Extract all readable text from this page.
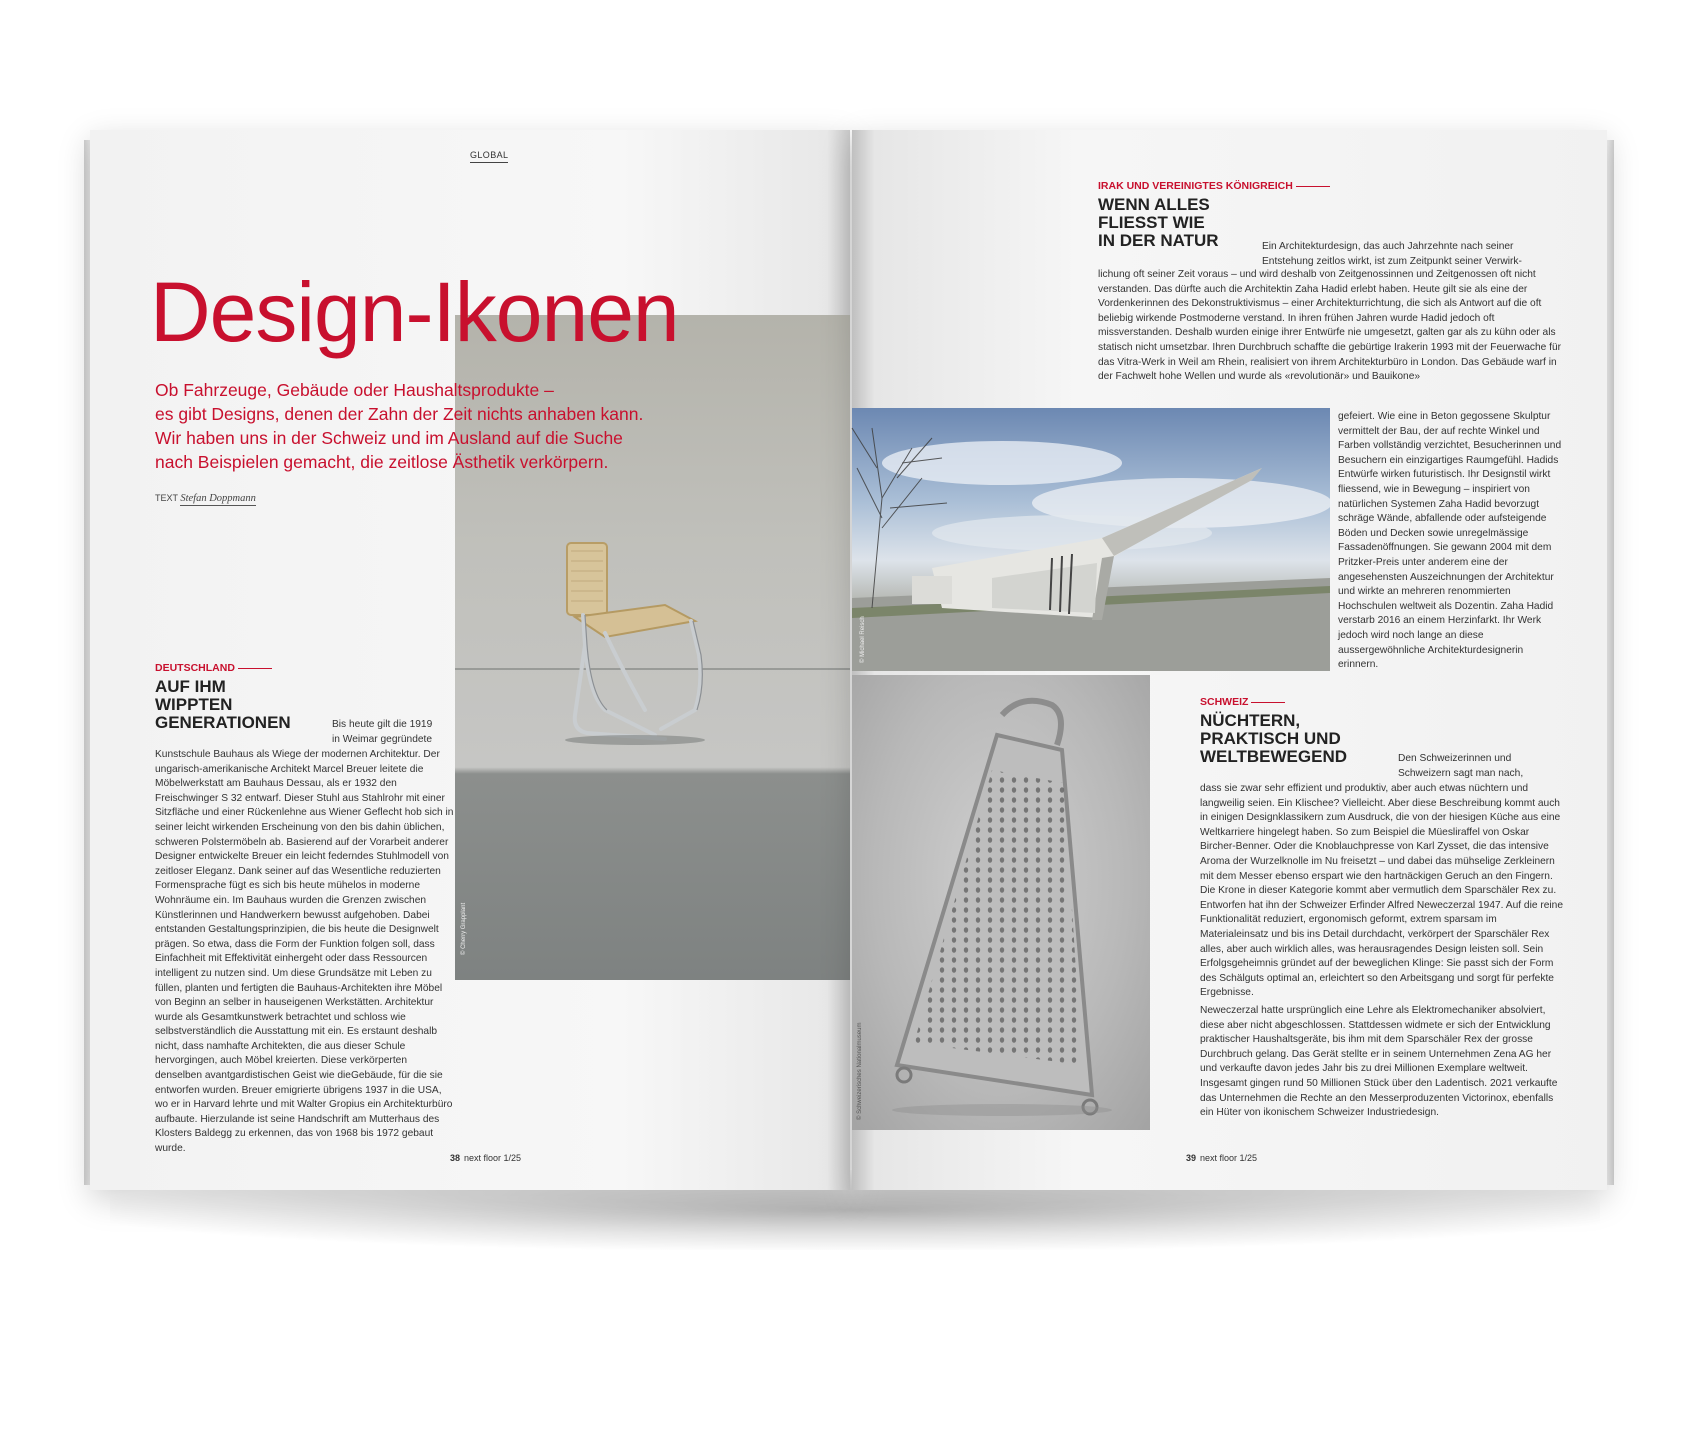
GLOBAL
© Cherry Grapplant
Design-Ikonen
Ob Fahrzeuge, Gebäude oder Haushaltsprodukte –
es gibt Designs, denen der Zahn der Zeit nichts anhaben kann.
Wir haben uns in der Schweiz und im Ausland auf die Suche
nach Beispielen gemacht, die zeitlose Ästhetik verkörpern.
TEXT Stefan Doppmann
DEUTSCHLAND
AUF IHM
WIPPTEN
GENERATIONEN	Bis heute gilt die 1919
in Weimar gegründete
Kunstschule Bauhaus als Wiege der modernen Architektur. Der ungarisch-amerikanische Architekt Marcel Breuer leitete die Möbelwerkstatt am Bauhaus Dessau, als er 1932 den Freischwinger S 32 entwarf. Dieser Stuhl aus Stahlrohr mit einer Sitzfläche und einer Rückenlehne aus Wiener Geflecht hob sich in seiner leicht wirkenden Erscheinung von den bis dahin üblichen, schweren Polstermöbeln ab. Basierend auf der Vorarbeit anderer Designer entwickelte Breuer ein leicht federndes Stuhlmodell von zeitloser Eleganz. Dank seiner auf das Wesentliche reduzierten Formensprache fügt es sich bis heute mühelos in moderne Wohnräume ein. Im Bauhaus wurden die Grenzen zwischen Künstlerinnen und Handwerkern bewusst aufgehoben. Dabei entstanden Gestaltungsprinzipien, die bis heute die Designwelt prägen. So etwa, dass die Form der Funktion folgen soll, dass Einfachheit mit Effektivität einhergeht oder dass Ressourcen intelligent zu nutzen sind. Um diese Grundsätze mit Leben zu füllen, planten und fertigten die Bauhaus-Architekten ihre Möbel von Beginn an selber in hauseigenen Werkstätten. Architektur wurde als Gesamtkunstwerk betrachtet und schloss wie selbstverständlich die Ausstattung mit ein. Es erstaunt deshalb nicht, dass namhafte Architekten, die aus dieser Schule hervorgingen, auch Möbel kreierten. Diese verkörperten denselben avantgardistischen Geist wie dieGebäude, für die sie entworfen wurden. Breuer emigrierte übrigens 1937 in die USA, wo er in Harvard lehrte und mit Walter Gropius ein Architekturbüro aufbaute. Hierzulande ist seine Handschrift am Mutterhaus des Klosters Baldegg zu erkennen, das von 1968 bis 1972 gebaut wurde.
38 next floor 1/25
IRAK UND VEREINIGTES KÖNIGREICH
WENN ALLES
FLIESST WIE
IN DER NATUR	Ein Architekturdesign, das auch Jahrzehnte nach seiner
Entstehung zeitlos wirkt, ist zum Zeitpunkt seiner Verwirk-
lichung oft seiner Zeit voraus – und wird deshalb von Zeitgenossinnen und Zeitgenossen oft nicht verstanden. Das dürfte auch die Architektin Zaha Hadid erlebt haben. Heute gilt sie als eine der Vordenkerinnen des Dekonstruktivismus – einer Architekturrichtung, die sich als Antwort auf die oft beliebig wirkende Postmoderne verstand. In ihren frühen Jahren wurde Hadid jedoch oft missverstanden. Deshalb wurden einige ihrer Entwürfe nie umgesetzt, galten gar als zu kühn oder als statisch nicht umsetzbar. Ihren Durchbruch schaffte die gebürtige Irakerin 1993 mit der Feuerwache für das Vitra-Werk in Weil am Rhein, realisiert von ihrem Architekturbüro in London. Das Gebäude warf in der Fachwelt hohe Wellen und wurde als «revolutionär» und Bauikone»
© Michael Reisch
gefeiert. Wie eine in Beton gegossene Skulptur vermittelt der Bau, der auf rechte Winkel und Farben vollständig verzichtet, Besucherinnen und Besuchern ein einzigartiges Raumgefühl. Hadids Entwürfe wirken futuristisch. Ihr Designstil wirkt fliessend, wie in Bewegung – inspiriert von natürlichen Systemen Zaha Hadid bevorzugt schräge Wände, abfallende oder aufsteigende Böden und Decken sowie unregelmässige Fassadenöffnungen. Sie gewann 2004 mit dem Pritzker-Preis unter anderem eine der angesehensten Auszeichnungen der Architektur und wirkte an mehreren renommierten Hochschulen weltweit als Dozentin. Zaha Hadid verstarb 2016 an einem Herzinfarkt. Ihr Werk jedoch wird noch lange an diese aussergewöhnliche Architekturdesignerin erinnern.
© Schweizerisches Nationalmuseum
SCHWEIZ
NÜCHTERN,
PRAKTISCH UND
WELTBEWEGEND	Den Schweizerinnen und
Schweizern sagt man nach,
dass sie zwar sehr effizient und produktiv, aber auch etwas nüchtern und langweilig seien. Ein Klischee? Vielleicht. Aber diese Beschreibung kommt auch in einigen Designklassikern zum Ausdruck, die von der hiesigen Küche aus eine Weltkarriere hingelegt haben. So zum Beispiel die Müesliraffel von Oskar Bircher-Benner. Oder die Knoblauchpresse von Karl Zysset, die das intensive Aroma der Wurzelknolle im Nu freisetzt – und dabei das mühselige Zerkleinern mit dem Messer ebenso erspart wie den hartnäckigen Geruch an den Fingern. Die Krone in dieser Kategorie kommt aber vermutlich dem Sparschäler Rex zu. Entworfen hat ihn der Schweizer Erfinder Alfred Neweczerzal 1947. Auf die reine Funktionalität reduziert, ergonomisch geformt, extrem sparsam im Materialeinsatz und bis ins Detail durchdacht, verkörpert der Sparschäler Rex alles, aber auch wirklich alles, was herausragendes Design leisten soll. Sein Erfolgsgeheimnis gründet auf der beweglichen Klinge: Sie passt sich der Form des Schälguts optimal an, erleichtert so den Arbeitsgang und sorgt für perfekte Ergebnisse.
Neweczerzal hatte ursprünglich eine Lehre als Elektromechaniker absolviert, diese aber nicht abgeschlossen. Stattdessen widmete er sich der Entwicklung praktischer Haushaltsgeräte, bis ihm mit dem Sparschäler Rex der grosse Durchbruch gelang. Das Gerät stellte er in seinem Unternehmen Zena AG her und verkaufte davon jedes Jahr bis zu drei Millionen Exemplare weltweit. Insgesamt gingen rund 50 Millionen Stück über den Ladentisch. 2021 verkaufte das Unternehmen die Rechte an den Messerproduzenten Victorinox, ebenfalls ein Hüter von ikonischem Schweizer Industriedesign.
39 next floor 1/25
